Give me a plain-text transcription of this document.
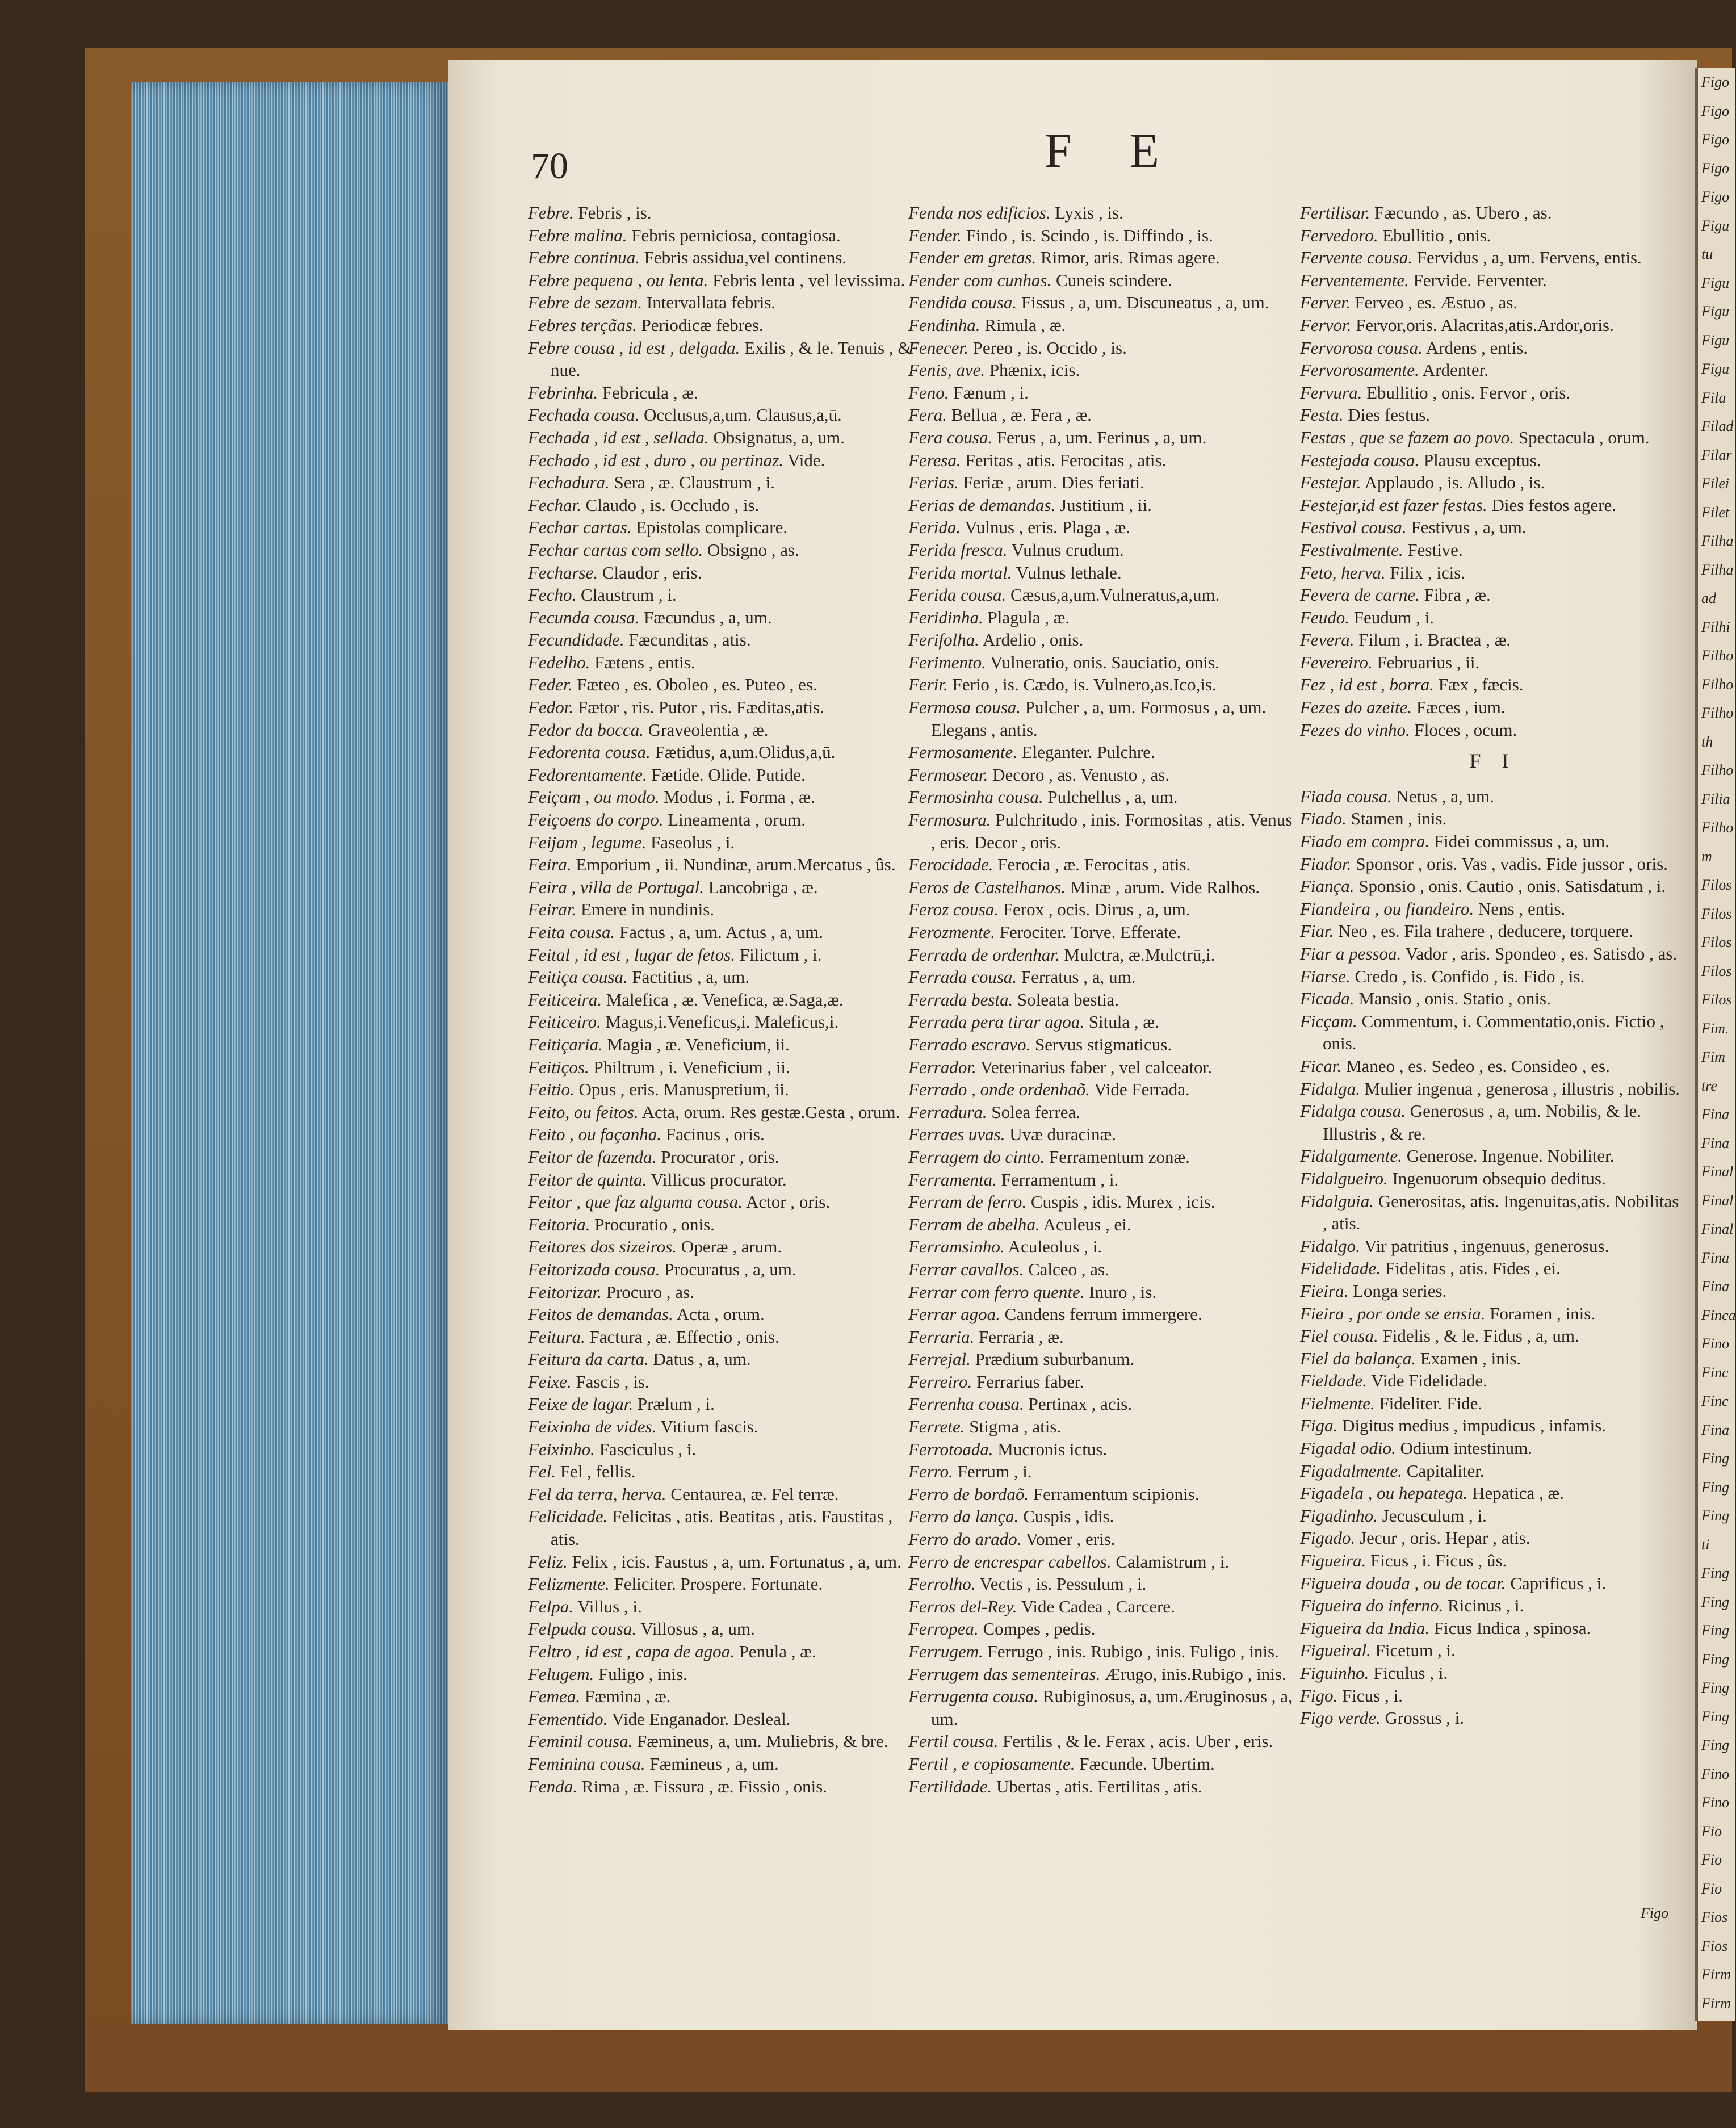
Figo
Figo
Figo
Figo
Figo
Figu
tu
Figu
Figu
Figu
Figu
Fila
Filad
Filar
Filei
Filet
Filha
Filha
ad
Filhi
Filho
Filho
Filho
th
Filho
Filia
Filho
m
Filos
Filos
Filos
Filos
Filos
Fim.
Fim
tre
Fina
Fina
Final
Final
Final
Fina
Fina
Finca
Fino
Finc
Finc
Fina
Fing
Fing
Fing
ti
Fing
Fing
Fing
Fing
Fing
Fing
Fing
Fino
Fino
Fio
Fio
Fio
Fios
Fios
Firm
Firm
70	F E

Febre. Febris , is.

Febre malina. Febris perniciosa, contagiosa.

Febre continua. Febris assidua,vel continens.

Febre pequena , ou lenta. Febris lenta , vel levissima.

Febre de sezam. Intervallata febris.

Febres terçãas. Periodicæ febres.

Febre cousa , id est , delgada. Exilis , & le. Tenuis , & nue.

Febrinha. Febricula , æ.

Fechada cousa. Occlusus,a,um. Clausus,a,ū.

Fechada , id est , sellada. Obsignatus, a, um.

Fechado , id est , duro , ou pertinaz. Vide.

Fechadura. Sera , æ. Claustrum , i.

Fechar. Claudo , is. Occludo , is.

Fechar cartas. Epistolas complicare.

Fechar cartas com sello. Obsigno , as.

Fecharse. Claudor , eris.

Fecho. Claustrum , i.

Fecunda cousa. Fæcundus , a, um.

Fecundidade. Fæcunditas , atis.

Fedelho. Fætens , entis.

Feder. Fæteo , es. Oboleo , es. Puteo , es.

Fedor. Fætor , ris. Putor , ris. Fæditas,atis.

Fedor da bocca. Graveolentia , æ.

Fedorenta cousa. Fætidus, a,um.Olidus,a,ū.

Fedorentamente. Fætide. Olide. Putide.

Feiçam , ou modo. Modus , i. Forma , æ.

Feiçoens do corpo. Lineamenta , orum.

Feijam , legume. Faseolus , i.

Feira. Emporium , ii. Nundinæ, arum.Mercatus , ûs.

Feira , villa de Portugal. Lancobriga , æ.

Feirar. Emere in nundinis.

Feita cousa. Factus , a, um. Actus , a, um.

Feital , id est , lugar de fetos. Filictum , i.

Feitiça cousa. Factitius , a, um.

Feiticeira. Malefica , æ. Venefica, æ.Saga,æ.

Feiticeiro. Magus,i.Veneficus,i. Maleficus,i.

Feitiçaria. Magia , æ. Veneficium, ii.

Feitiços. Philtrum , i. Veneficium , ii.

Feitio. Opus , eris. Manuspretium, ii.

Feito, ou feitos. Acta, orum. Res gestæ.Gesta , orum.

Feito , ou façanha. Facinus , oris.

Feitor de fazenda. Procurator , oris.

Feitor de quinta. Villicus procurator.

Feitor , que faz alguma cousa. Actor , oris.

Feitoria. Procuratio , onis.

Feitores dos sizeiros. Operæ , arum.

Feitorizada cousa. Procuratus , a, um.

Feitorizar. Procuro , as.

Feitos de demandas. Acta , orum.

Feitura. Factura , æ. Effectio , onis.

Feitura da carta. Datus , a, um.

Feixe. Fascis , is.

Feixe de lagar. Prælum , i.

Feixinha de vides. Vitium fascis.

Feixinho. Fasciculus , i.

Fel. Fel , fellis.

Fel da terra, herva. Centaurea, æ. Fel terræ.

Felicidade. Felicitas , atis. Beatitas , atis. Faustitas , atis.

Feliz. Felix , icis. Faustus , a, um. Fortunatus , a, um.

Felizmente. Feliciter. Prospere. Fortunate.

Felpa. Villus , i.

Felpuda cousa. Villosus , a, um.

Feltro , id est , capa de agoa. Penula , æ.

Felugem. Fuligo , inis.

Femea. Fæmina , æ.

Fementido. Vide Enganador. Desleal.

Feminil cousa. Fæmineus, a, um. Muliebris, & bre.

Feminina cousa. Fæmineus , a, um.

Fenda. Rima , æ. Fissura , æ. Fissio , onis.

Fenda nos edificios. Lyxis , is.

Fender. Findo , is. Scindo , is. Diffindo , is.

Fender em gretas. Rimor, aris. Rimas agere.

Fender com cunhas. Cuneis scindere.

Fendida cousa. Fissus , a, um. Discuneatus , a, um.

Fendinha. Rimula , æ.

Fenecer. Pereo , is. Occido , is.

Fenis, ave. Phænix, icis.

Feno. Fænum , i.

Fera. Bellua , æ. Fera , æ.

Fera cousa. Ferus , a, um. Ferinus , a, um.

Feresa. Feritas , atis. Ferocitas , atis.

Ferias. Feriæ , arum. Dies feriati.

Ferias de demandas. Justitium , ii.

Ferida. Vulnus , eris. Plaga , æ.

Ferida fresca. Vulnus crudum.

Ferida mortal. Vulnus lethale.

Ferida cousa. Cæsus,a,um.Vulneratus,a,um.

Feridinha. Plagula , æ.

Ferifolha. Ardelio , onis.

Ferimento. Vulneratio, onis. Sauciatio, onis.

Ferir. Ferio , is. Cædo, is. Vulnero,as.Ico,is.

Fermosa cousa. Pulcher , a, um. Formosus , a, um. Elegans , antis.

Fermosamente. Eleganter. Pulchre.

Fermosear. Decoro , as. Venusto , as.

Fermosinha cousa. Pulchellus , a, um.

Fermosura. Pulchritudo , inis. Formositas , atis. Venus , eris. Decor , oris.

Ferocidade. Ferocia , æ. Ferocitas , atis.

Feros de Castelhanos. Minæ , arum. Vide Ralhos.

Feroz cousa. Ferox , ocis. Dirus , a, um.

Ferozmente. Ferociter. Torve. Efferate.

Ferrada de ordenhar. Mulctra, æ.Mulctrū,i.

Ferrada cousa. Ferratus , a, um.

Ferrada besta. Soleata bestia.

Ferrada pera tirar agoa. Situla , æ.

Ferrado escravo. Servus stigmaticus.

Ferrador. Veterinarius faber , vel calceator.

Ferrado , onde ordenhaõ. Vide Ferrada.

Ferradura. Solea ferrea.

Ferraes uvas. Uvæ duracinæ.

Ferragem do cinto. Ferramentum zonæ.

Ferramenta. Ferramentum , i.

Ferram de ferro. Cuspis , idis. Murex , icis.

Ferram de abelha. Aculeus , ei.

Ferramsinho. Aculeolus , i.

Ferrar cavallos. Calceo , as.

Ferrar com ferro quente. Inuro , is.

Ferrar agoa. Candens ferrum immergere.

Ferraria. Ferraria , æ.

Ferrejal. Prædium suburbanum.

Ferreiro. Ferrarius faber.

Ferrenha cousa. Pertinax , acis.

Ferrete. Stigma , atis.

Ferrotoada. Mucronis ictus.

Ferro. Ferrum , i.

Ferro de bordaõ. Ferramentum scipionis.

Ferro da lança. Cuspis , idis.

Ferro do arado. Vomer , eris.

Ferro de encrespar cabellos. Calamistrum , i.

Ferrolho. Vectis , is. Pessulum , i.

Ferros del-Rey. Vide Cadea , Carcere.

Ferropea. Compes , pedis.

Ferrugem. Ferrugo , inis. Rubigo , inis. Fuligo , inis.

Ferrugem das sementeiras. Ærugo, inis.Rubigo , inis.

Ferrugenta cousa. Rubiginosus, a, um.Æruginosus , a, um.

Fertil cousa. Fertilis , & le. Ferax , acis. Uber , eris.

Fertil , e copiosamente. Fæcunde. Ubertim.

Fertilidade. Ubertas , atis. Fertilitas , atis.

Fertilisar. Fæcundo , as. Ubero , as.

Fervedoro. Ebullitio , onis.

Fervente cousa. Fervidus , a, um. Fervens, entis.

Ferventemente. Fervide. Ferventer.

Ferver. Ferveo , es. Æstuo , as.

Fervor. Fervor,oris. Alacritas,atis.Ardor,oris.

Fervorosa cousa. Ardens , entis.

Fervorosamente. Ardenter.

Fervura. Ebullitio , onis. Fervor , oris.

Festa. Dies festus.

Festas , que se fazem ao povo. Spectacula , orum.

Festejada cousa. Plausu exceptus.

Festejar. Applaudo , is. Alludo , is.

Festejar,id est fazer festas. Dies festos agere.

Festival cousa. Festivus , a, um.

Festivalmente. Festive.

Feto, herva. Filix , icis.

Fevera de carne. Fibra , æ.

Feudo. Feudum , i.

Fevera. Filum , i. Bractea , æ.

Fevereiro. Februarius , ii.

Fez , id est , borra. Fæx , fæcis.

Fezes do azeite. Fæces , ium.

Fezes do vinho. Floces , ocum.

F I

Fiada cousa. Netus , a, um.

Fiado. Stamen , inis.

Fiado em compra. Fidei commissus , a, um.

Fiador. Sponsor , oris. Vas , vadis. Fide jussor , oris.

Fiança. Sponsio , onis. Cautio , onis. Satisdatum , i.

Fiandeira , ou fiandeiro. Nens , entis.

Fiar. Neo , es. Fila trahere , deducere, torquere.

Fiar a pessoa. Vador , aris. Spondeo , es. Satisdo , as.

Fiarse. Credo , is. Confido , is. Fido , is.

Ficada. Mansio , onis. Statio , onis.

Ficçam. Commentum, i. Commentatio,onis. Fictio , onis.

Ficar. Maneo , es. Sedeo , es. Consideo , es.

Fidalga. Mulier ingenua , generosa , illustris , nobilis.

Fidalga cousa. Generosus , a, um. Nobilis, & le. Illustris , & re.

Fidalgamente. Generose. Ingenue. Nobiliter.

Fidalgueiro. Ingenuorum obsequio deditus.

Fidalguia. Generositas, atis. Ingenuitas,atis. Nobilitas , atis.

Fidalgo. Vir patritius , ingenuus, generosus.

Fidelidade. Fidelitas , atis. Fides , ei.

Fieira. Longa series.

Fieira , por onde se ensia. Foramen , inis.

Fiel cousa. Fidelis , & le. Fidus , a, um.

Fiel da balança. Examen , inis.

Fieldade. Vide Fidelidade.

Fielmente. Fideliter. Fide.

Figa. Digitus medius , impudicus , infamis.

Figadal odio. Odium intestinum.

Figadalmente. Capitaliter.

Figadela , ou hepatega. Hepatica , æ.

Figadinho. Jecusculum , i.

Figado. Jecur , oris. Hepar , atis.

Figueira. Ficus , i. Ficus , ûs.

Figueira douda , ou de tocar. Caprificus , i.

Figueira do inferno. Ricinus , i.

Figueira da India. Ficus Indica , spinosa.

Figueiral. Ficetum , i.

Figuinho. Ficulus , i.

Figo. Ficus , i.

Figo verde. Grossus , i.

Figo
